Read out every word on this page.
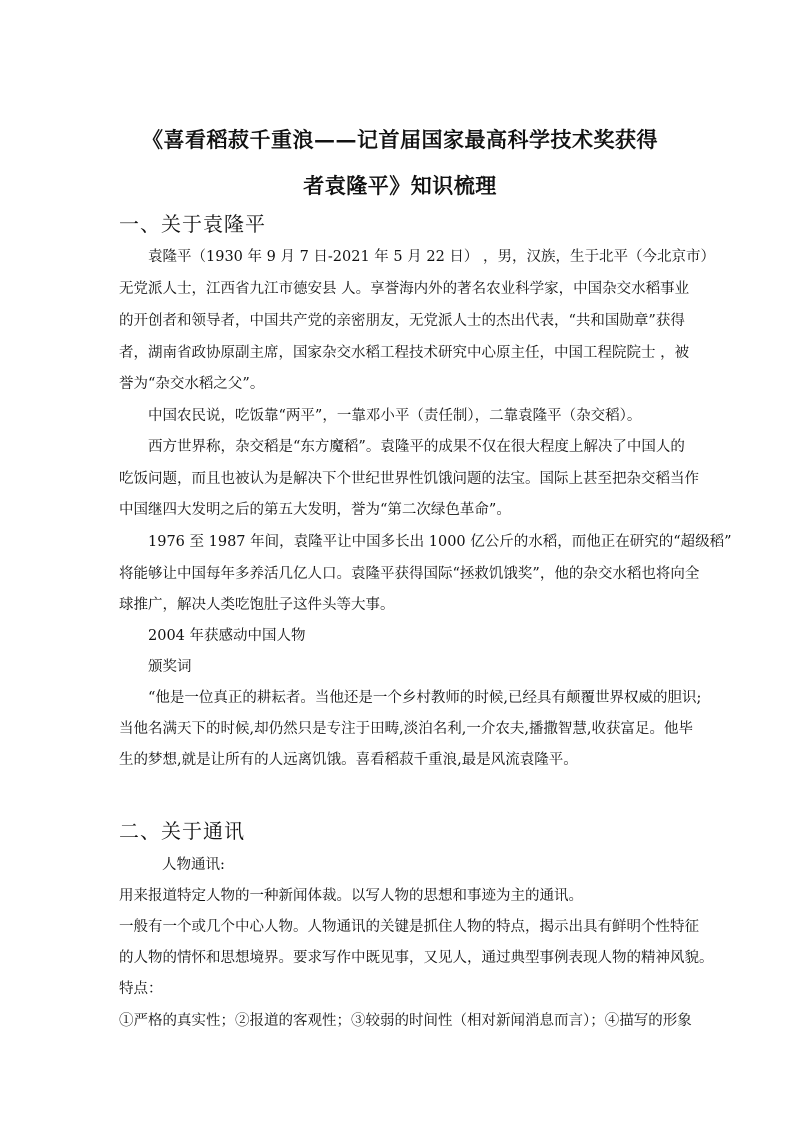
《喜看稻菽千重浪——记首届国家最高科学技术奖获得
者袁隆平》知识梳理
一、关于袁隆平
袁隆平（1930 年 9 月 7 日-2021 年 5 月 22 日） ，男，汉族，生于北平（今北京市）
无党派人士，江西省九江市德安县 人。享誉海内外的著名农业科学家，中国杂交水稻事业
的开创者和领导者，中国共产党的亲密朋友，无党派人士的杰出代表，“共和国勋章”获得
者，湖南省政协原副主席，国家杂交水稻工程技术研究中心原主任，中国工程院院士 ，被
誉为“杂交水稻之父”。
中国农民说，吃饭靠“两平”，一靠邓小平（责任制），二靠袁隆平（杂交稻）。
西方世界称，杂交稻是“东方魔稻”。袁隆平的成果不仅在很大程度上解决了中国人的
吃饭问题，而且也被认为是解决下个世纪世界性饥饿问题的法宝。国际上甚至把杂交稻当作
中国继四大发明之后的第五大发明，誉为“第二次绿色革命”。
1976 至 1987 年间，袁隆平让中国多长出 1000 亿公斤的水稻，而他正在研究的“超级稻”
将能够让中国每年多养活几亿人口。袁隆平获得国际“拯救饥饿奖”，他的杂交水稻也将向全
球推广，解决人类吃饱肚子这件头等大事。
2004 年获感动中国人物
颁奖词
“他是一位真正的耕耘者。当他还是一个乡村教师的时候,已经具有颠覆世界权威的胆识;
当他名满天下的时候,却仍然只是专注于田畴,淡泊名利,一介农夫,播撒智慧,收获富足。他毕
生的梦想,就是让所有的人远离饥饿。喜看稻菽千重浪,最是风流袁隆平。
二、关于通讯
人物通讯:
用来报道特定人物的一种新闻体裁。以写人物的思想和事迹为主的通讯。
一般有一个或几个中心人物。人物通讯的关键是抓住人物的特点，揭示出具有鲜明个性特征
的人物的情怀和思想境界。要求写作中既见事，又见人，通过典型事例表现人物的精神风貌。
特点：
①严格的真实性；②报道的客观性；③较弱的时间性（相对新闻消息而言）；④描写的形象
